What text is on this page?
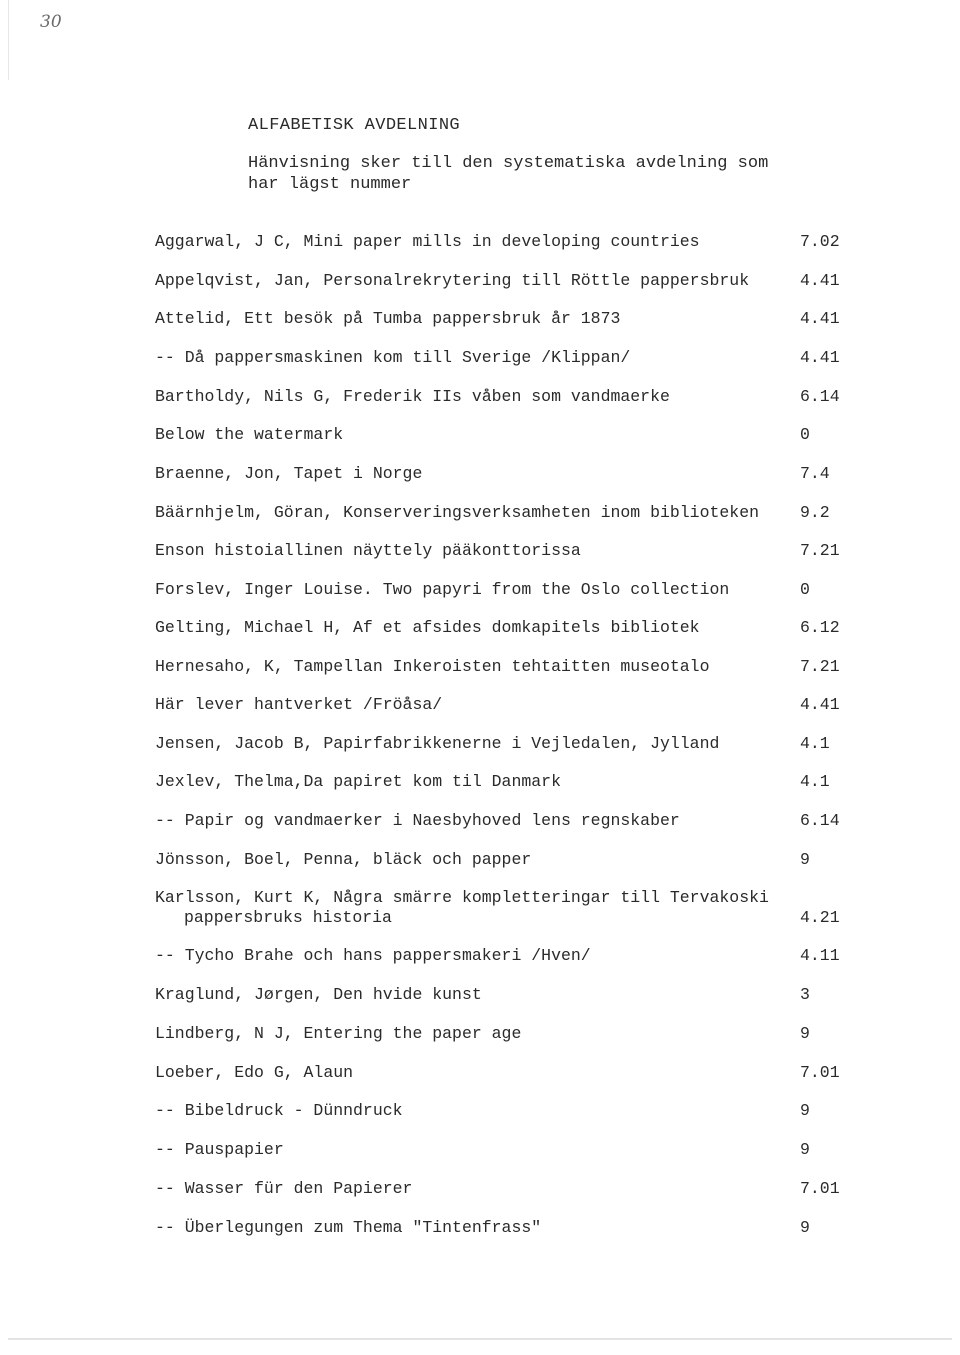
30
ALFABETISK AVDELNING
Hänvisning sker till den systematiska avdelning som
har lägst nummer
Aggarwal, J C, Mini paper mills in developing countries	7.02
Appelqvist, Jan, Personalrekrytering till Röttle pappersbruk	4.41
Attelid, Ett besök på Tumba pappersbruk år 1873	4.41
-- Då pappersmaskinen kom till Sverige /Klippan/	4.41
Bartholdy, Nils G, Frederik IIs våben som vandmaerke	6.14
Below the watermark	0
Braenne, Jon, Tapet i Norge	7.4
Bäärnhjelm, Göran, Konserveringsverksamheten inom biblioteken	9.2
Enson histoiallinen näyttely pääkonttorissa	7.21
Forslev, Inger Louise. Two papyri from the Oslo collection	0
Gelting, Michael H, Af et afsides domkapitels bibliotek	6.12
Hernesaho, K, Tampellan Inkeroisten tehtaitten museotalo	7.21
Här lever hantverket /Fröåsa/	4.41
Jensen, Jacob B, Papirfabrikkenerne i Vejledalen, Jylland	4.1
Jexlev, Thelma,Da papiret kom til Danmark	4.1
-- Papir og vandmaerker i Naesbyhoved lens regnskaber	6.14
Jönsson, Boel, Penna, bläck och papper	9
Karlsson, Kurt K, Några smärre kompletteringar till Tervakoski
pappersbruks historia	4.21
-- Tycho Brahe och hans pappersmakeri /Hven/	4.11
Kraglund, Jørgen, Den hvide kunst	3
Lindberg, N J, Entering the paper age	9
Loeber, Edo G, Alaun	7.01
-- Bibeldruck - Dünndruck	9
-- Pauspapier	9
-- Wasser für den Papierer	7.01
-- Überlegungen zum Thema "Tintenfrass"	9
